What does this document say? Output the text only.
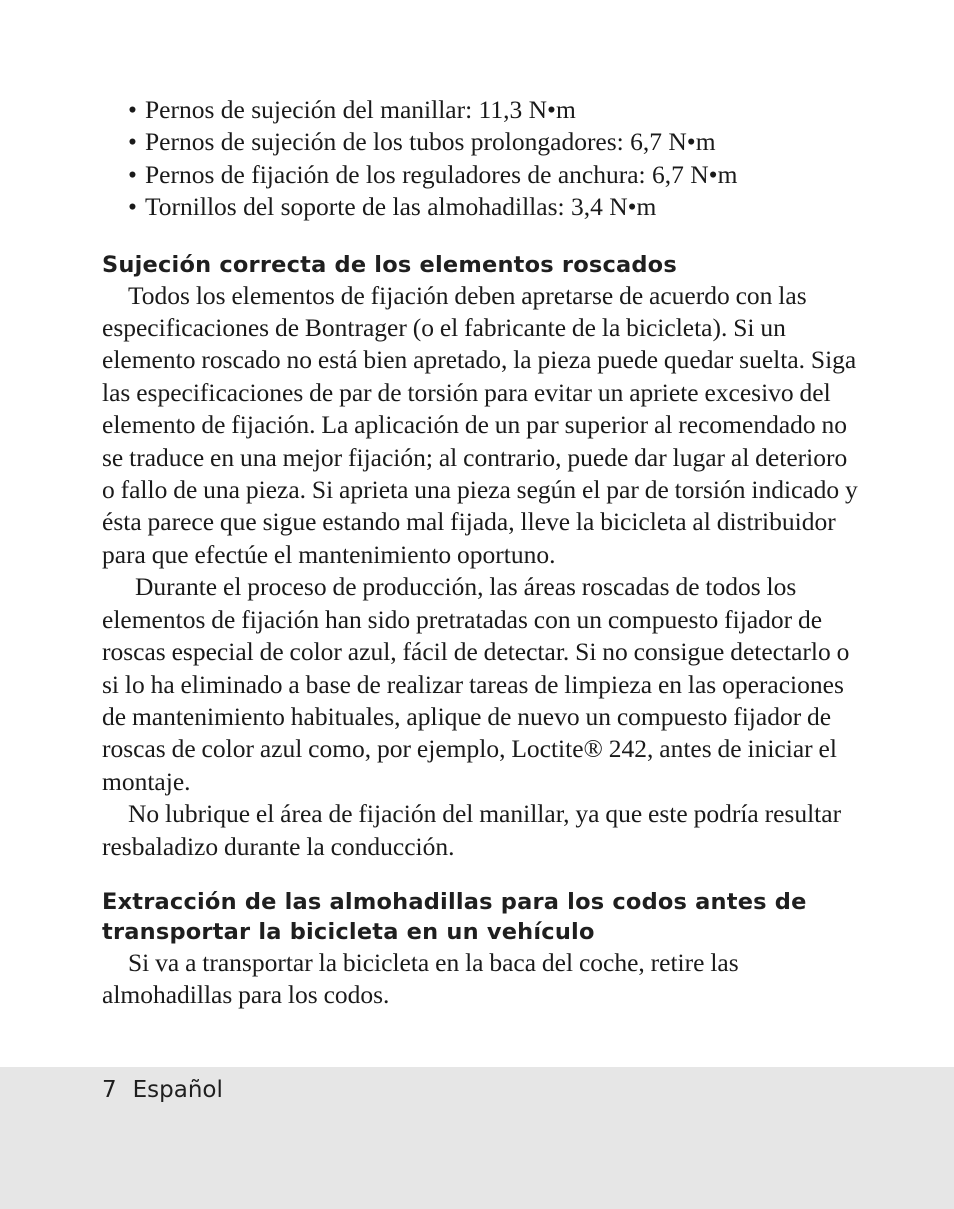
• Pernos de sujeción del manillar: 11,3 N•m
• Pernos de sujeción de los tubos prolongadores: 6,7 N•m
• Pernos de fijación de los reguladores de anchura: 6,7 N•m
• Tornillos del soporte de las almohadillas: 3,4 N•m
Sujeción correcta de los elementos roscados

Todos los elementos de fijación deben apretarse de acuerdo con las especificaciones de Bontrager (o el fabricante de la bicicleta). Si un elemento roscado no está bien apretado, la pieza puede quedar suelta. Siga las especificaciones de par de torsión para evitar un apriete excesivo del elemento de fijación. La aplicación de un par superior al recomendado no se traduce en una mejor fijación; al contrario, puede dar lugar al deterioro o fallo de una pieza. Si aprieta una pieza según el par de torsión indicado y ésta parece que sigue estando mal fijada, lleve la bicicleta al distribuidor para que efectúe el mantenimiento oportuno.

Durante el proceso de producción, las áreas roscadas de todos los elementos de fijación han sido pretratadas con un compuesto fijador de roscas especial de color azul, fácil de detectar. Si no consigue detectarlo o si lo ha eliminado a base de realizar tareas de limpieza en las operaciones de mantenimiento habituales, aplique de nuevo un compuesto fijador de roscas de color azul como, por ejemplo, Loctite® 242, antes de iniciar el montaje.

No lubrique el área de fijación del manillar, ya que este podría resultar resbaladizo durante la conducción.

Extracción de las almohadillas para los codos antes de transportar la bicicleta en un vehículo

Si va a transportar la bicicleta en la baca del coche, retire las almohadillas para los codos.

7 Español
